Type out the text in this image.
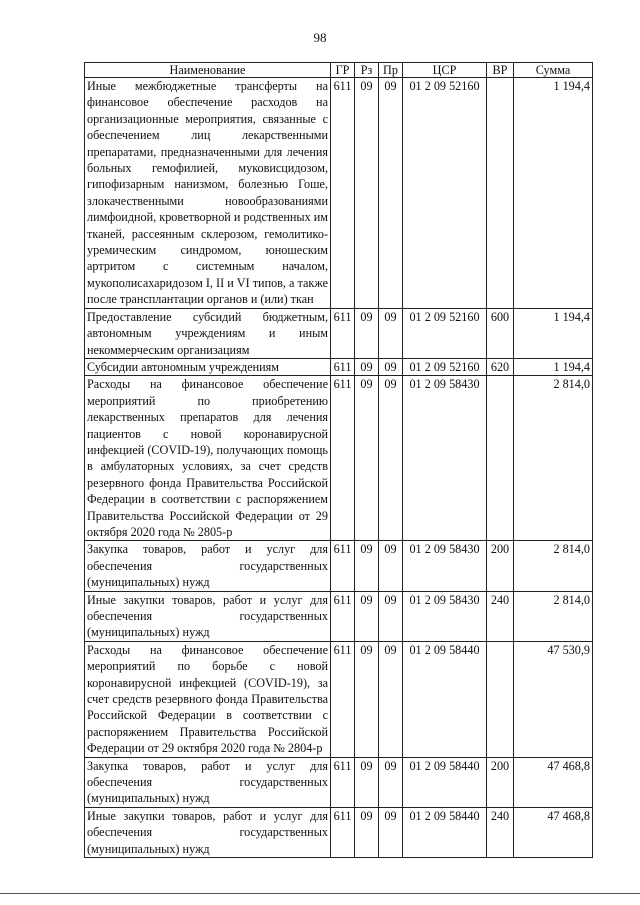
98
Наименование	ГР	Рз	Пр	ЦСР	ВР	Сумма
Иные межбюджетные трансферты на финансовое обеспечение расходов на организационные мероприятия, связанные с обеспечением лиц лекарственными препаратами, предназначенными для лечения больных гемофилией, муковисцидозом, гипофизарным нанизмом, болезнью Гоше, злокачественными новообразованиями лимфоидной, кроветворной и родственных им тканей, рассеянным склерозом, гемолитико-уремическим синдромом, юношеским артритом с системным началом, мукополисахаридозом I, II и VI типов, а также после трансплантации органов и (или) ткан	611	09	09	01 2 09 52160		1 194,4
Предоставление субсидий бюджетным, автономным учреждениям и иным некоммерческим организациям	611	09	09	01 2 09 52160	600	1 194,4
Субсидии автономным учреждениям	611	09	09	01 2 09 52160	620	1 194,4
Расходы на финансовое обеспечение мероприятий по приобретению лекарственных препаратов для лечения пациентов с новой коронавирусной инфекцией (COVID-19), получающих помощь в амбулаторных условиях, за счет средств резервного фонда Правительства Российской Федерации в соответствии с распоряжением Правительства Российской Федерации от 29 октября 2020 года № 2805-р	611	09	09	01 2 09 58430		2 814,0
Закупка товаров, работ и услуг для обеспечения государственных (муниципальных) нужд	611	09	09	01 2 09 58430	200	2 814,0
Иные закупки товаров, работ и услуг для обеспечения государственных (муниципальных) нужд	611	09	09	01 2 09 58430	240	2 814,0
Расходы на финансовое обеспечение мероприятий по борьбе с новой коронавирусной инфекцией (COVID-19), за счет средств резервного фонда Правительства Российской Федерации в соответствии с распоряжением Правительства Российской Федерации от 29 октября 2020 года № 2804-р	611	09	09	01 2 09 58440		47 530,9
Закупка товаров, работ и услуг для обеспечения государственных (муниципальных) нужд	611	09	09	01 2 09 58440	200	47 468,8
Иные закупки товаров, работ и услуг для обеспечения государственных (муниципальных) нужд	611	09	09	01 2 09 58440	240	47 468,8
